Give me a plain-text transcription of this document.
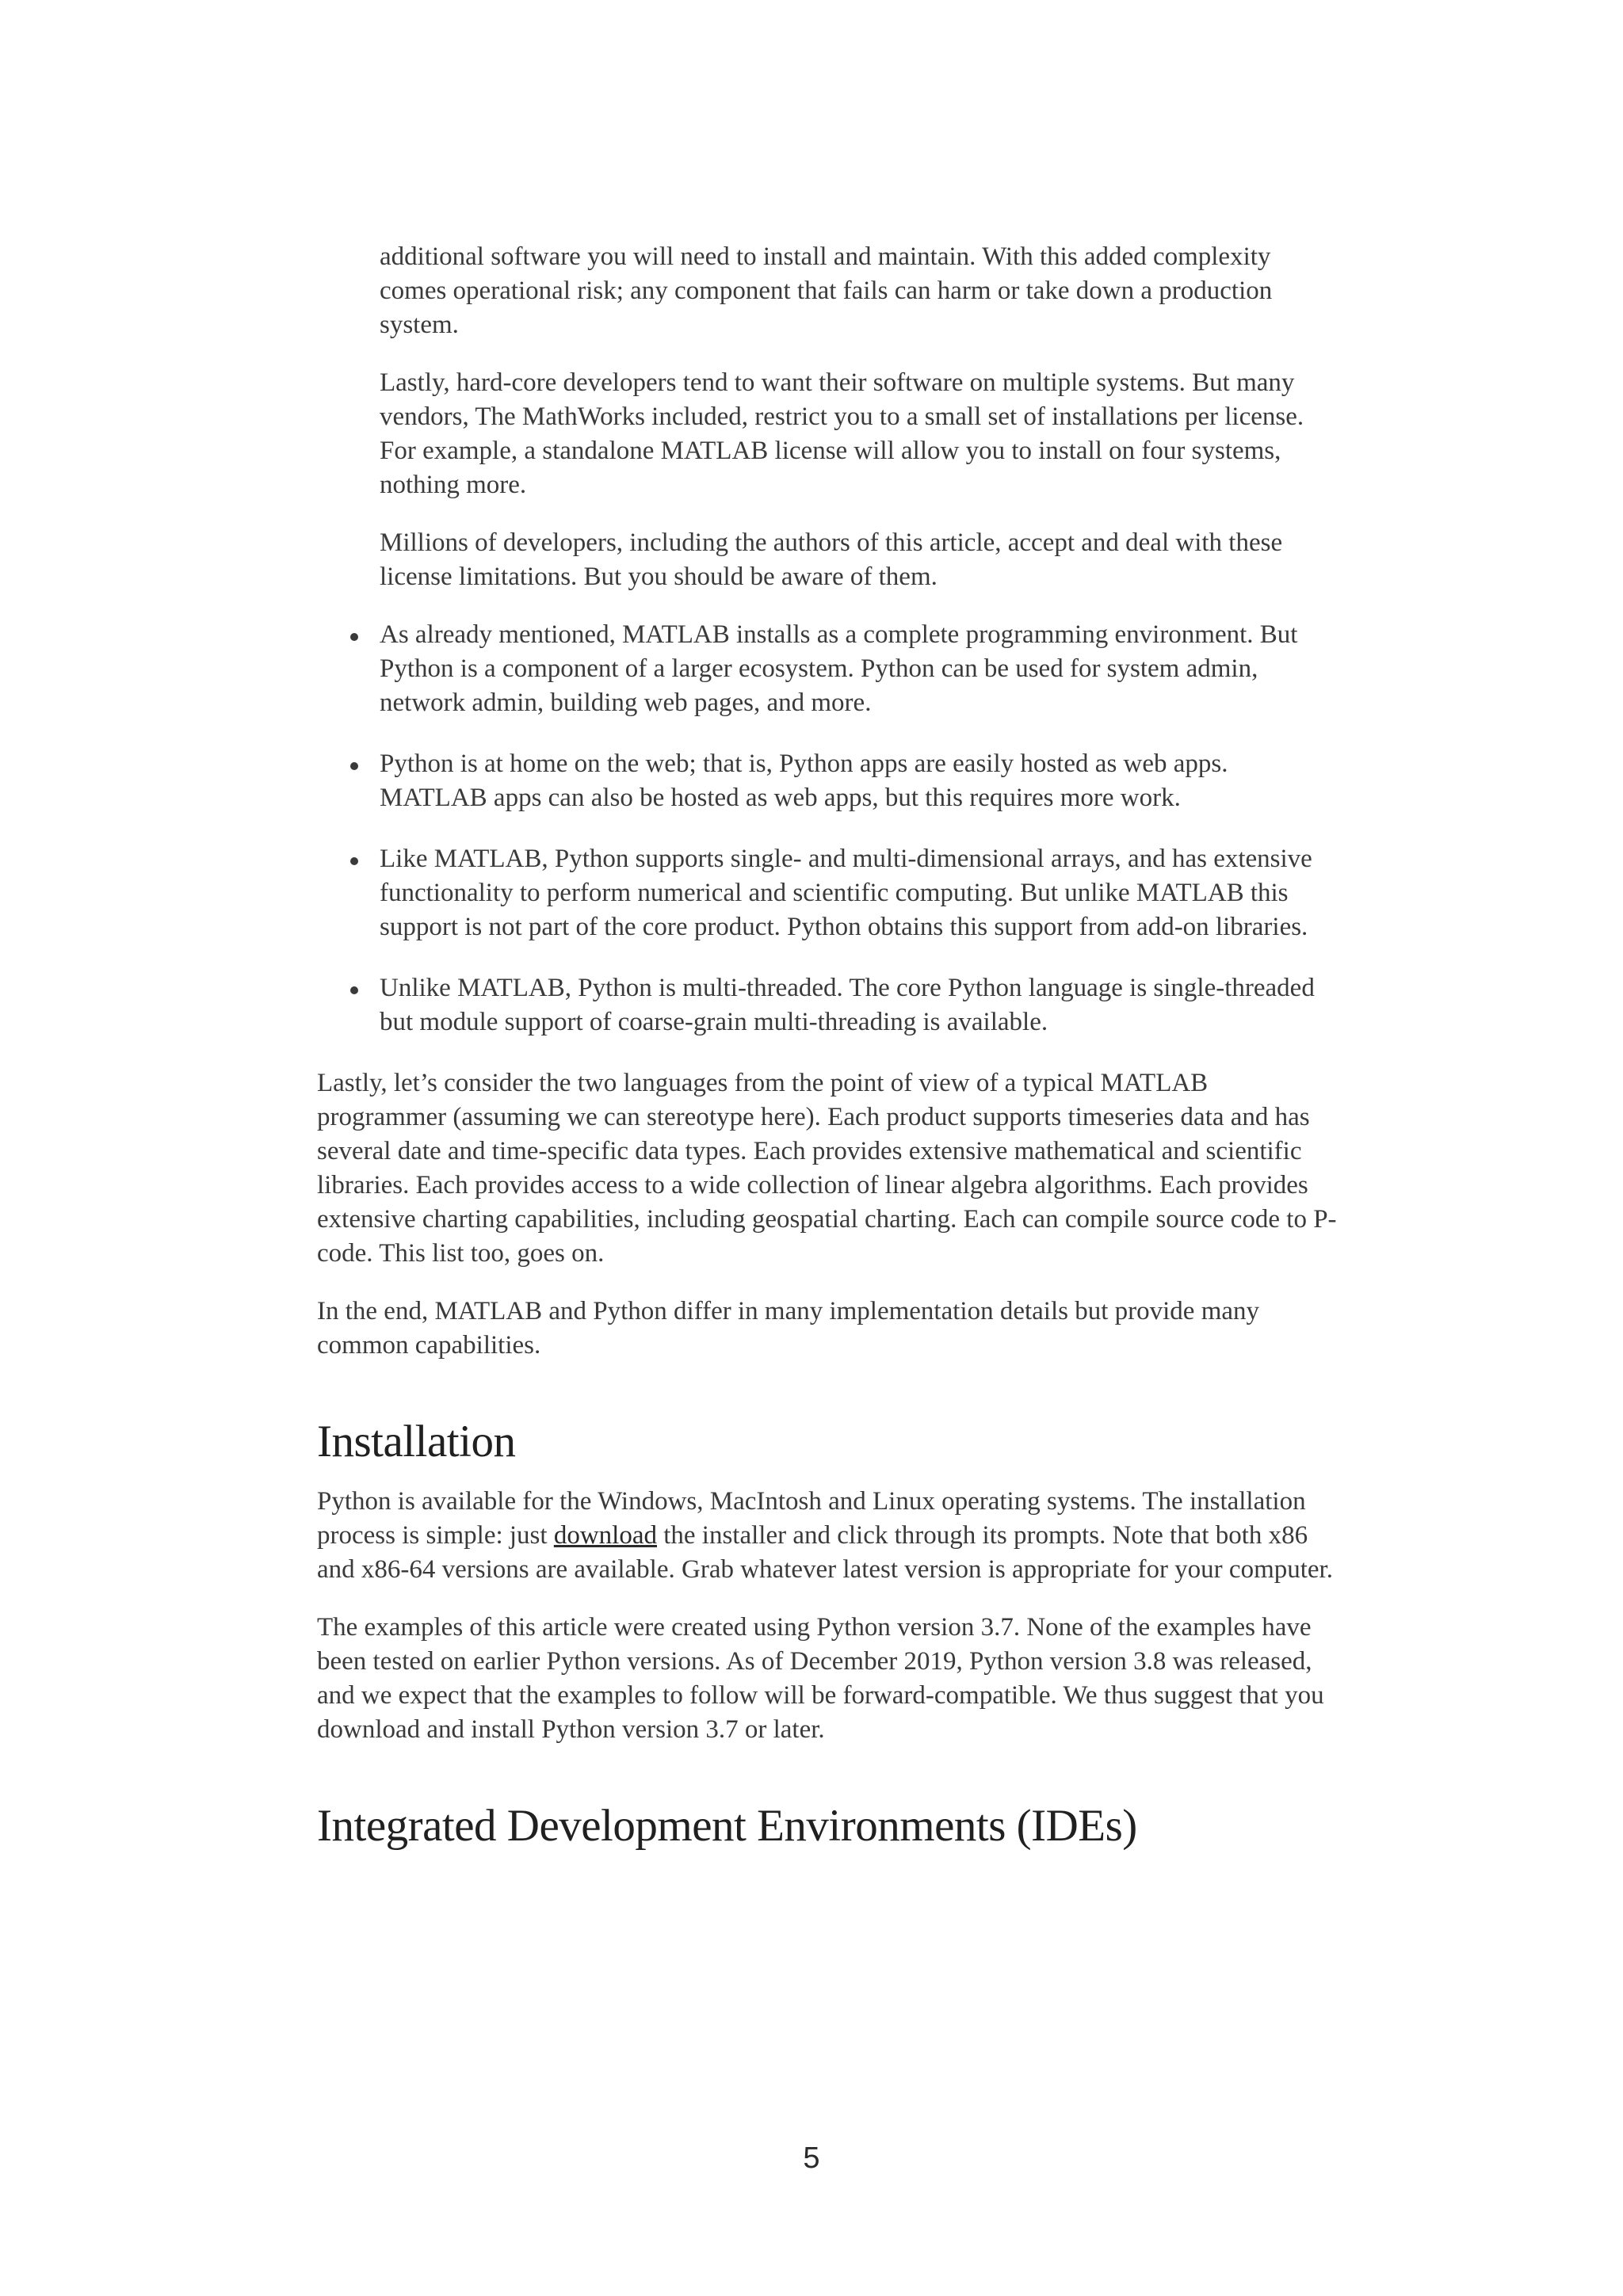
additional software you will need to install and maintain. With this added complexity comes operational risk; any component that fails can harm or take down a production system.

Lastly, hard-core developers tend to want their software on multiple systems. But many vendors, The MathWorks included, restrict you to a small set of installations per license. For example, a standalone MATLAB license will allow you to install on four systems, nothing more.

Millions of developers, including the authors of this article, accept and deal with these license limitations. But you should be aware of them.

As already mentioned, MATLAB installs as a complete programming environment. But Python is a component of a larger ecosystem. Python can be used for system admin, network admin, building web pages, and more.
Python is at home on the web; that is, Python apps are easily hosted as web apps. MATLAB apps can also be hosted as web apps, but this requires more work.
Like MATLAB, Python supports single- and multi-dimensional arrays, and has extensive functionality to perform numerical and scientific computing. But unlike MATLAB this support is not part of the core product. Python obtains this support from add-on libraries.
Unlike MATLAB, Python is multi-threaded. The core Python language is single-threaded but module support of coarse-grain multi-threading is available.

Lastly, let’s consider the two languages from the point of view of a typical MATLAB programmer (assuming we can stereotype here). Each product supports timeseries data and has several date and time-specific data types. Each provides extensive mathematical and scientific libraries. Each provides access to a wide collection of linear algebra algorithms. Each provides extensive charting capabilities, including geospatial charting. Each can compile source code to P-code. This list too, goes on.

In the end, MATLAB and Python differ in many implementation details but provide many common capabilities.

Installation

Python is available for the Windows, MacIntosh and Linux operating systems. The installation process is simple: just download the installer and click through its prompts. Note that both x86 and x86-64 versions are available. Grab whatever latest version is appropriate for your computer.

The examples of this article were created using Python version 3.7. None of the examples have been tested on earlier Python versions. As of December 2019, Python version 3.8 was released, and we expect that the examples to follow will be forward-compatible. We thus suggest that you download and install Python version 3.7 or later.

Integrated Development Environments (IDEs)
5
